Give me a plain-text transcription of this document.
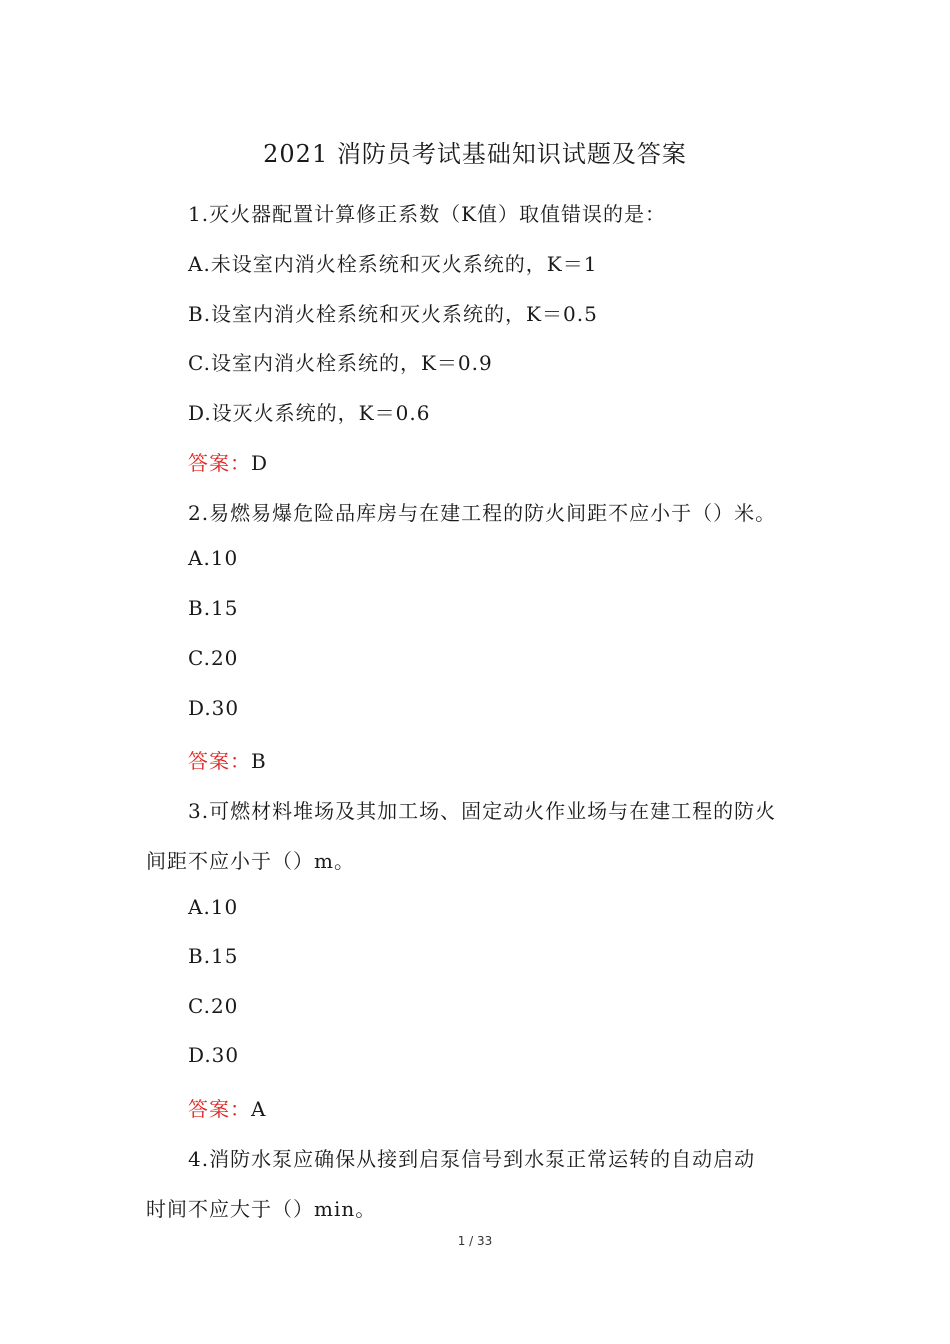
2021 消防员考试基础知识试题及答案
1.灭火器配置计算修正系数（K值）取值错误的是：
A.未设室内消火栓系统和灭火系统的，K＝1
B.设室内消火栓系统和灭火系统的，K＝0.5
C.设室内消火栓系统的，K＝0.9
D.设灭火系统的，K＝0.6
答案：D
2.易燃易爆危险品库房与在建工程的防火间距不应小于（）米。
A.10
B.15
C.20
D.30
答案：B
3.可燃材料堆场及其加工场、固定动火作业场与在建工程的防火
间距不应小于（）m。
A.10
B.15
C.20
D.30
答案：A
4.消防水泵应确保从接到启泵信号到水泵正常运转的自动启动
时间不应大于（）min。
1 / 33
